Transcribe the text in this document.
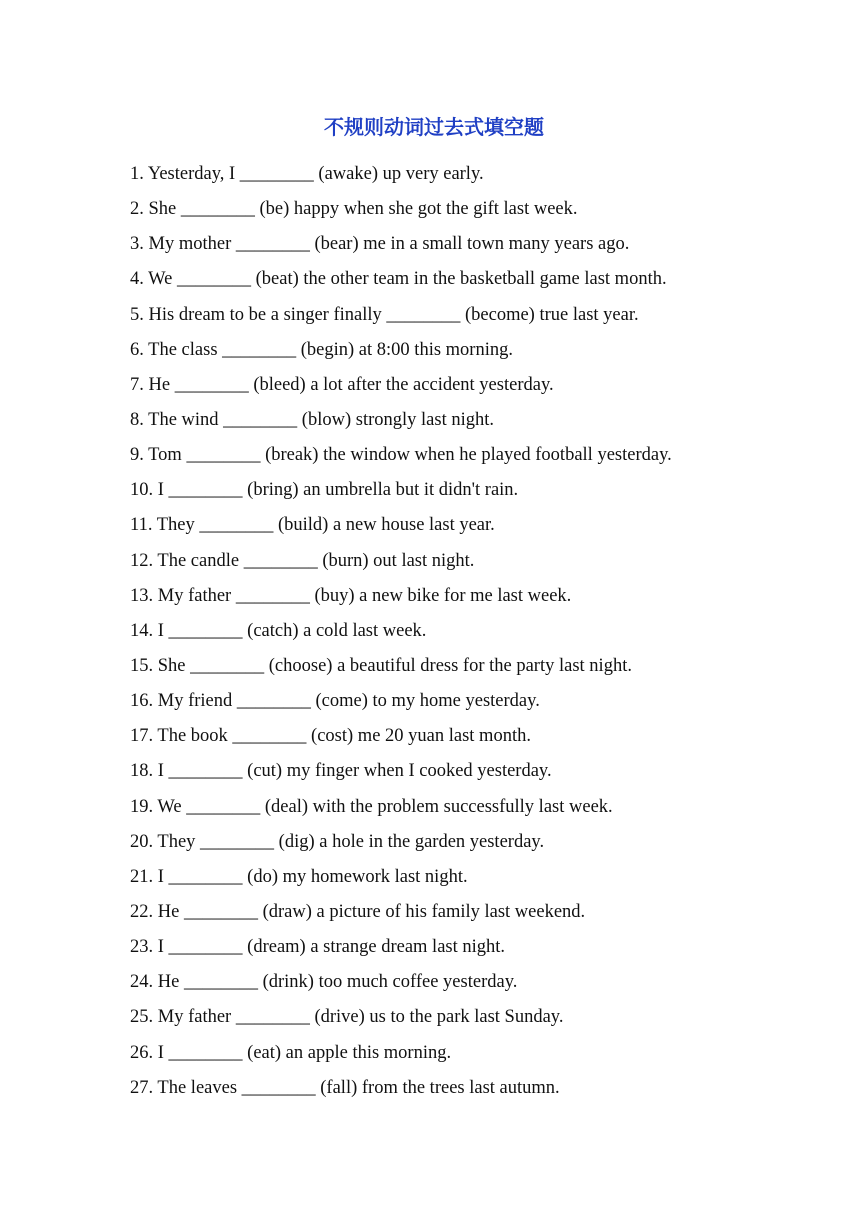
不规则动词过去式填空题
1. Yesterday, I ________ (awake) up very early.
2. She ________ (be) happy when she got the gift last week.
3. My mother ________ (bear) me in a small town many years ago.
4. We ________ (beat) the other team in the basketball game last month.
5. His dream to be a singer finally ________ (become) true last year.
6. The class ________ (begin) at 8:00 this morning.
7. He ________ (bleed) a lot after the accident yesterday.
8. The wind ________ (blow) strongly last night.
9. Tom ________ (break) the window when he played football yesterday.
10. I ________ (bring) an umbrella but it didn't rain.
11. They ________ (build) a new house last year.
12. The candle ________ (burn) out last night.
13. My father ________ (buy) a new bike for me last week.
14. I ________ (catch) a cold last week.
15. She ________ (choose) a beautiful dress for the party last night.
16. My friend ________ (come) to my home yesterday.
17. The book ________ (cost) me 20 yuan last month.
18. I ________ (cut) my finger when I cooked yesterday.
19. We ________ (deal) with the problem successfully last week.
20. They ________ (dig) a hole in the garden yesterday.
21. I ________ (do) my homework last night.
22. He ________ (draw) a picture of his family last weekend.
23. I ________ (dream) a strange dream last night.
24. He ________ (drink) too much coffee yesterday.
25. My father ________ (drive) us to the park last Sunday.
26. I ________ (eat) an apple this morning.
27. The leaves ________ (fall) from the trees last autumn.
